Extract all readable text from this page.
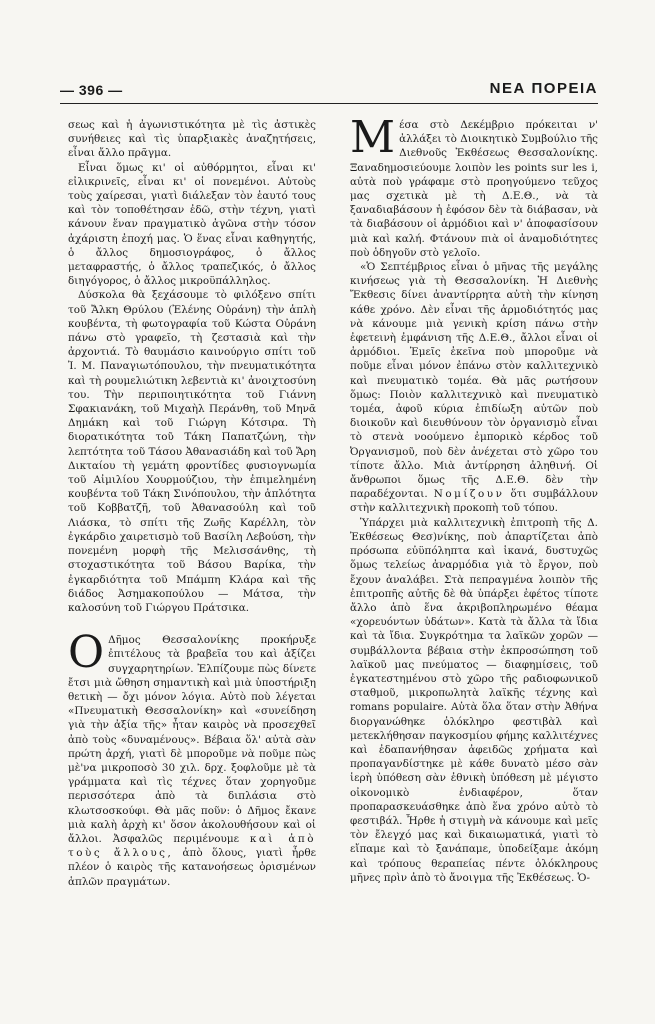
— 396 —	ΝΕΑ ΠΟΡΕΙΑ

σεως καὶ ἡ ἀγωνιστικότητα μὲ τὶς ἀστικὲς συνήθειες καὶ τὶς ὑπαρξιακὲς ἀναζητήσεις, εἶναι ἄλλο πρᾶγμα.

Εἶναι ὅμως κι' οἱ αὐθόρμητοι, εἶναι κι' εἰλικρινεῖς, εἶναι κι' οἱ πονεμένοι. Αὐτοὺς τοὺς χαίρεσαι, γιατὶ διάλεξαν τὸν ἑαυτό τους καὶ τὸν τοποθέτησαν ἐδῶ, στὴν τέχνη, γιατὶ κάνουν ἕναν πραγματικὸ ἀγῶνα στὴν τόσον ἀχάριστη ἐποχή μας. Ὁ ἕνας εἶναι καθηγητής, ὁ ἄλλος δημοσιογράφος, ὁ ἄλλος μεταφραστής, ὁ ἄλλος τραπεζικός, ὁ ἄλλος διηγόγορος, ὁ ἄλλος μικροϋπάλληλος.

Δύσκολα θὰ ξεχάσουμε τὸ φιλόξενο σπίτι τοῦ Ἄλκη Θρύλου (Ἐλένης Οὐράνη) τὴν ἁπλὴ κουβέντα, τὴ φωτογραφία τοῦ Κώστα Οὐράνη πάνω στὸ γραφεῖο, τὴ ζεστασιὰ καὶ τὴν ἀρχοντιά. Τὸ θαυμάσιο καινούργιο σπίτι τοῦ Ἰ. Μ. Παναγιωτόπουλου, τὴν πνευματικότητα καὶ τὴ ρουμελιώτικη λεβεντιὰ κι' ἀνοιχτοσύνη του. Τὴν περιποιητικότητα τοῦ Γιάννη Σφακιανάκη, τοῦ Μιχαὴλ Περάνθη, τοῦ Μηνᾶ Δημάκη καὶ τοῦ Γιώργη Κότσιρα. Τὴ διορατικότητα τοῦ Τάκη Παπατζώνη, τὴν λεπτότητα τοῦ Τάσου Ἀθανασιάδη καὶ τοῦ Ἄρη Δικταίου τὴ γεμάτη φροντίδες φυσιογνωμία τοῦ Αἰμιλίου Χουρμούζιου, τὴν ἐπιμελημένη κουβέντα τοῦ Τάκη Σινόπουλου, τὴν ἁπλότητα τοῦ Κοββατζῆ, τοῦ Ἀθανασούλη καὶ τοῦ Λιάσκα, τὸ σπίτι τῆς Ζωῆς Καρέλλη, τὸν ἐγκάρδιο χαιρετισμὸ τοῦ Βασίλη Λεβούση, τὴν πονεμένη μορφὴ τῆς Μελισσάνθης, τὴ στοχαστικότητα τοῦ Βάσου Βαρίκα, τὴν ἐγκαρδιότητα τοῦ Μπάμπη Κλάρα καὶ τῆς διάδος Ἀσημακοπούλου — Μάτσα, τὴν καλοσύνη τοῦ Γιώργου Πράτσικα.

Ο Δῆμος Θεσσαλονίκης προκήρυξε ἐπιτέλους τὰ βραβεῖα του καὶ ἀξίζει συγχαρητηρίων. Ἐλπίζουμε πὼς δίνετε ἔτσι μιὰ ὤθηση σημαντικὴ καὶ μιὰ ὑποστήριξη θετικὴ — ὄχι μόνον λόγια. Αὐτὸ ποὺ λέγεται «Πνευματικὴ Θεσσαλονίκη» καὶ «συνείδηση γιὰ τὴν ἀξία τῆς» ἦταν καιρὸς νὰ προσεχθεῖ ἀπὸ τοὺς «δυναμένους». Βέβαια ὅλ' αὐτὰ σὰν πρώτη ἀρχή, γιατὶ δὲ μποροῦμε νὰ ποῦμε πὼς μὲ'να μικροποσὸ 30 χιλ. δρχ. ξοφλοῦμε μὲ τὰ γράμματα καὶ τὶς τέχνες ὅταν χορηγοῦμε περισσότερα ἀπὸ τὰ διπλάσια στὸ κλωτσοσκούφι. Θὰ μᾶς ποῦν: ὁ Δῆμος ἔκανε μιὰ καλὴ ἀρχὴ κι' ὅσον ἀκολουθήσουν καὶ οἱ ἄλλοι. Ἀσφαλῶς περιμένουμε καὶ ἀπὸ τοὺς ἄλλους, ἀπὸ ὅλους, γιατὶ ἦρθε πλέον ὁ καιρὸς τῆς κατανοήσεως ὁρισμένων ἁπλῶν πραγμάτων.

Μέσα στὸ Δεκέμβριο πρόκειται ν' ἀλλάξει τὸ Διοικητικὸ Συμβούλιο τῆς Διεθνοῦς Ἐκθέσεως Θεσσαλονίκης. Ξαναδημοσιεύουμε λοιπὸν les points sur les i, αὐτὰ ποὺ γράφαμε στὸ προηγούμενο τεῦχος μας σχετικὰ μὲ τὴ Δ.Ε.Θ., νὰ τὰ ξαναδιαβάσουν ἡ ἐφόσον δὲν τὰ διάβασαν, νὰ τὰ διαβάσουν οἱ ἁρμόδιοι καὶ ν' ἀποφασίσουν μιὰ καὶ καλή. Φτάνουν πιὰ οἱ ἀναμοδιότητες ποὺ ὁδηγοῦν στὸ γελοῖο.

«Ὁ Σεπτέμβριος εἶναι ὁ μῆνας τῆς μεγάλης κινήσεως γιὰ τὴ Θεσσαλονίκη. Ἡ Διεθνὴς Ἔκθεσις δίνει ἀναντίρρητα αὐτὴ τὴν κίνηση κάθε χρόνο. Δὲν εἶναι τῆς ἁρμοδιότητός μας νὰ κάνουμε μιὰ γενικὴ κρίση πάνω στὴν ἐφετεινὴ ἐμφάνιση τῆς Δ.Ε.Θ., ἄλλοι εἶναι οἱ ἁρμόδιοι. Ἐμεῖς ἐκεῖνα ποὺ μποροῦμε νὰ ποῦμε εἶναι μόνον ἐπάνω στὸν καλλιτεχνικὸ καὶ πνευματικὸ τομέα. Θὰ μᾶς ρωτήσουν ὅμως: Ποιὸν καλλιτεχνικὸ καὶ πνευματικὸ τομέα, ἀφοῦ κύρια ἐπιδίωξη αὐτῶν ποὺ διοικοῦν καὶ διευθύνουν τὸν ὀργανισμὸ εἶναι τὸ στενὰ νοούμενο ἐμπορικὸ κέρδος τοῦ Ὀργανισμοῦ, ποὺ δὲν ἀνέχεται στὸ χῶρο του τίποτε ἄλλο. Μιὰ ἀντίρρηση ἀληθινή. Οἱ ἄνθρωποι ὅμως τῆς Δ.Ε.Θ. δὲν τὴν παραδέχονται. Νομίζουν ὅτι συμβάλλουν στὴν καλλιτεχνικὴ προκοπὴ τοῦ τόπου.

Ὑπάρχει μιὰ καλλιτεχνικὴ ἐπιτροπὴ τῆς Δ. Ἐκθέσεως Θεσ)νίκης, ποὺ ἀπαρτίζεται ἀπὸ πρόσωπα εὐϋπόληπτα καὶ ἱκανά, δυστυχῶς ὅμως τελείως ἀναρμόδια γιὰ τὸ ἔργον, ποὺ ἔχουν ἀναλάβει. Στὰ πεπραγμένα λοιπὸν τῆς ἐπιτροπῆς αὐτῆς δὲ θὰ ὑπάρξει ἐφέτος τίποτε ἄλλο ἀπὸ ἕνα ἀκριβοπληρωμένο θέαμα «χορευόντων ὑδάτων». Κατὰ τὰ ἄλλα τὰ ἴδια καὶ τὰ ἴδια. Συγκρότημα τα λαϊκῶν χορῶν — συμβάλλοντα βέβαια στὴν ἐκπροσώπηση τοῦ λαϊκοῦ μας πνεύματος — διαφημίσεις, τοῦ ἐγκατεστημένου στὸ χῶρο τῆς ραδιοφωνικοῦ σταθμοῦ, μικροπωλητὰ λαϊκῆς τέχνης καὶ romans populaire. Αὐτὰ ὅλα ὅταν στὴν Ἀθήνα διοργανώθηκε ὁλόκληρο φεστιβὰλ καὶ μετεκλήθησαν παγκοσμίου φήμης καλλιτέχνες καὶ ἐδαπανήθησαν ἀφειδῶς χρήματα καὶ προπαγανδίστηκε μὲ κάθε δυνατὸ μέσο σὰν ἱερὴ ὑπόθεση σὰν ἐθνικὴ ὑπόθεση μὲ μέγιστο οἰκονομικὸ ἐνδιαφέρον, ὅταν προπαρασκευάσθηκε ἀπὸ ἕνα χρόνο αὐτὸ τὸ φεστιβάλ. Ἦρθε ἡ στιγμὴ νὰ κάνουμε καὶ μεῖς τὸν ἔλεγχό μας καὶ δικαιωματικά, γιατὶ τὸ εἴπαμε καὶ τὸ ξανάπαμε, ὑποδείξαμε ἀκόμη καὶ τρόπους θεραπείας πέντε ὁλόκληρους μῆνες πρὶν ἀπὸ τὸ ἄνοιγμα τῆς Ἐκθέσεως. Ὁ-
